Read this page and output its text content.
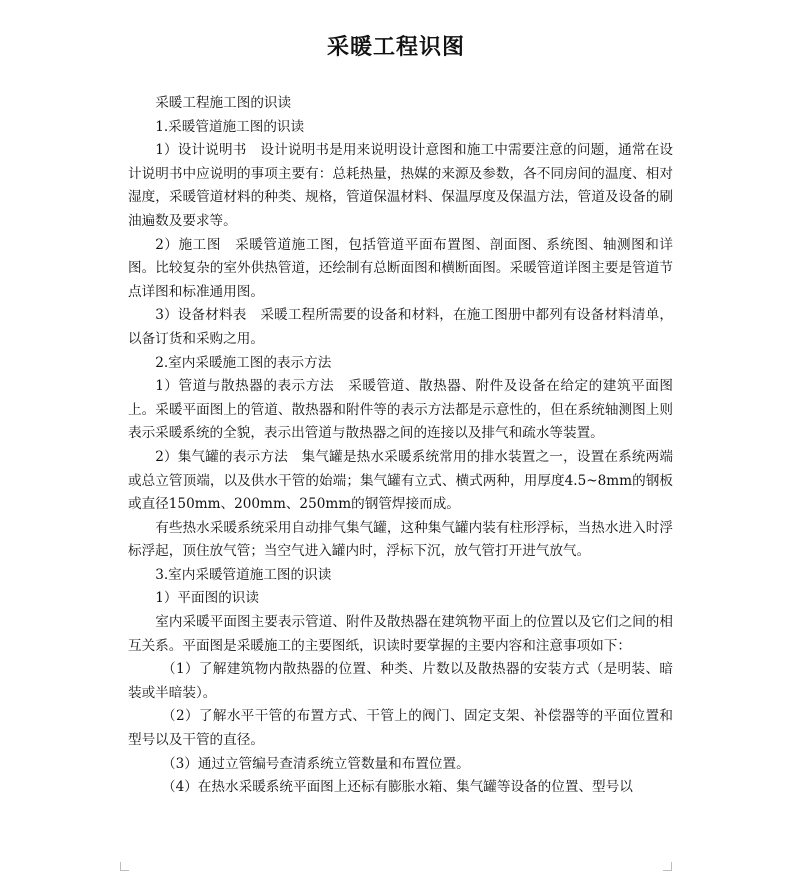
采暖工程识图

采暖工程施工图的识读

1.采暖管道施工图的识读

1）设计说明书　设计说明书是用来说明设计意图和施工中需要注意的问题，通常在设计说明书中应说明的事项主要有：总耗热量，热媒的来源及参数，各不同房间的温度、相对湿度，采暖管道材料的种类、规格，管道保温材料、保温厚度及保温方法，管道及设备的刷油遍数及要求等。

2）施工图　采暖管道施工图，包括管道平面布置图、剖面图、系统图、轴测图和详图。比较复杂的室外供热管道，还绘制有总断面图和横断面图。采暖管道详图主要是管道节点详图和标准通用图。

3）设备材料表　采暖工程所需要的设备和材料，在施工图册中都列有设备材料清单，以备订货和采购之用。

2.室内采暖施工图的表示方法

1）管道与散热器的表示方法　采暖管道、散热器、附件及设备在给定的建筑平面图上。采暖平面图上的管道、散热器和附件等的表示方法都是示意性的，但在系统轴测图上则表示采暖系统的全貌，表示出管道与散热器之间的连接以及排气和疏水等装置。

2）集气罐的表示方法　集气罐是热水采暖系统常用的排水装置之一，设置在系统两端或总立管顶端，以及供水干管的始端；集气罐有立式、横式两种，用厚度4.5~8mm的钢板或直径150mm、200mm、250mm的钢管焊接而成。

有些热水采暖系统采用自动排气集气罐，这种集气罐内装有柱形浮标，当热水进入时浮标浮起，顶住放气管；当空气进入罐内时，浮标下沉，放气管打开进气放气。

3.室内采暖管道施工图的识读

1）平面图的识读

室内采暖平面图主要表示管道、附件及散热器在建筑物平面上的位置以及它们之间的相互关系。平面图是采暖施工的主要图纸，识读时要掌握的主要内容和注意事项如下：

（1）了解建筑物内散热器的位置、种类、片数以及散热器的安装方式（是明装、暗装或半暗装）。

（2）了解水平干管的布置方式、干管上的阀门、固定支架、补偿器等的平面位置和型号以及干管的直径。

（3）通过立管编号查清系统立管数量和布置位置。

（4）在热水采暖系统平面图上还标有膨胀水箱、集气罐等设备的位置、型号以
